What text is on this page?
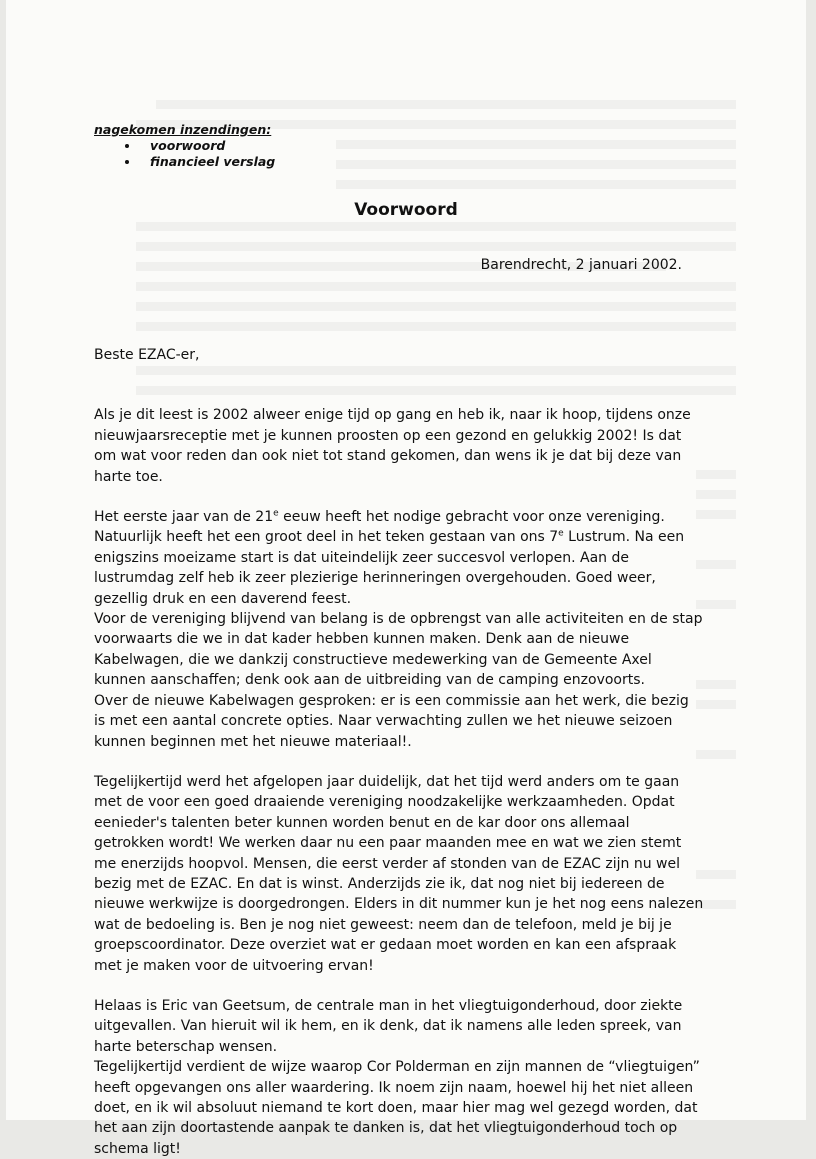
nagekomen inzendingen:
• voorwoord
• financieel verslag
Voorwoord
Barendrecht, 2 januari 2002.

Beste EZAC-er,

Als je dit leest is 2002 alweer enige tijd op gang en heb ik, naar ik hoop, tijdens onze nieuwjaarsreceptie met je kunnen proosten op een gezond en gelukkig 2002! Is dat om wat voor reden dan ook niet tot stand gekomen, dan wens ik je dat bij deze van harte toe.

Het eerste jaar van de 21e eeuw heeft het nodige gebracht voor onze vereniging. Natuurlijk heeft het een groot deel in het teken gestaan van ons 7e Lustrum. Na een enigszins moeizame start is dat uiteindelijk zeer succesvol verlopen. Aan de lustrumdag zelf heb ik zeer plezierige herinneringen overgehouden. Goed weer, gezellig druk en een daverend feest.

Voor de vereniging blijvend van belang is de opbrengst van alle activiteiten en de stap voorwaarts die we in dat kader hebben kunnen maken. Denk aan de nieuwe Kabelwagen, die we dankzij constructieve medewerking van de Gemeente Axel kunnen aanschaffen; denk ook aan de uitbreiding van de camping enzovoorts.

Over de nieuwe Kabelwagen gesproken: er is een commissie aan het werk, die bezig is met een aantal concrete opties. Naar verwachting zullen we het nieuwe seizoen kunnen beginnen met het nieuwe materiaal!.

Tegelijkertijd werd het afgelopen jaar duidelijk, dat het tijd werd anders om te gaan met de voor een goed draaiende vereniging noodzakelijke werkzaamheden. Opdat eenieder's talenten beter kunnen worden benut en de kar door ons allemaal getrokken wordt! We werken daar nu een paar maanden mee en wat we zien stemt me enerzijds hoopvol. Mensen, die eerst verder af stonden van de EZAC zijn nu wel bezig met de EZAC. En dat is winst. Anderzijds zie ik, dat nog niet bij iedereen de nieuwe werkwijze is doorgedrongen. Elders in dit nummer kun je het nog eens nalezen wat de bedoeling is. Ben je nog niet geweest: neem dan de telefoon, meld je bij je groepscoordinator. Deze overziet wat er gedaan moet worden en kan een afspraak met je maken voor de uitvoering ervan!

Helaas is Eric van Geetsum, de centrale man in het vliegtuigonderhoud, door ziekte uitgevallen. Van hieruit wil ik hem, en ik denk, dat ik namens alle leden spreek, van harte beterschap wensen.

Tegelijkertijd verdient de wijze waarop Cor Polderman en zijn mannen de “vliegtuigen” heeft opgevangen ons aller waardering. Ik noem zijn naam, hoewel hij het niet alleen doet, en ik wil absoluut niemand te kort doen, maar hier mag wel gezegd worden, dat het aan zijn doortastende aanpak te danken is, dat het vliegtuigonderhoud toch op schema ligt!
